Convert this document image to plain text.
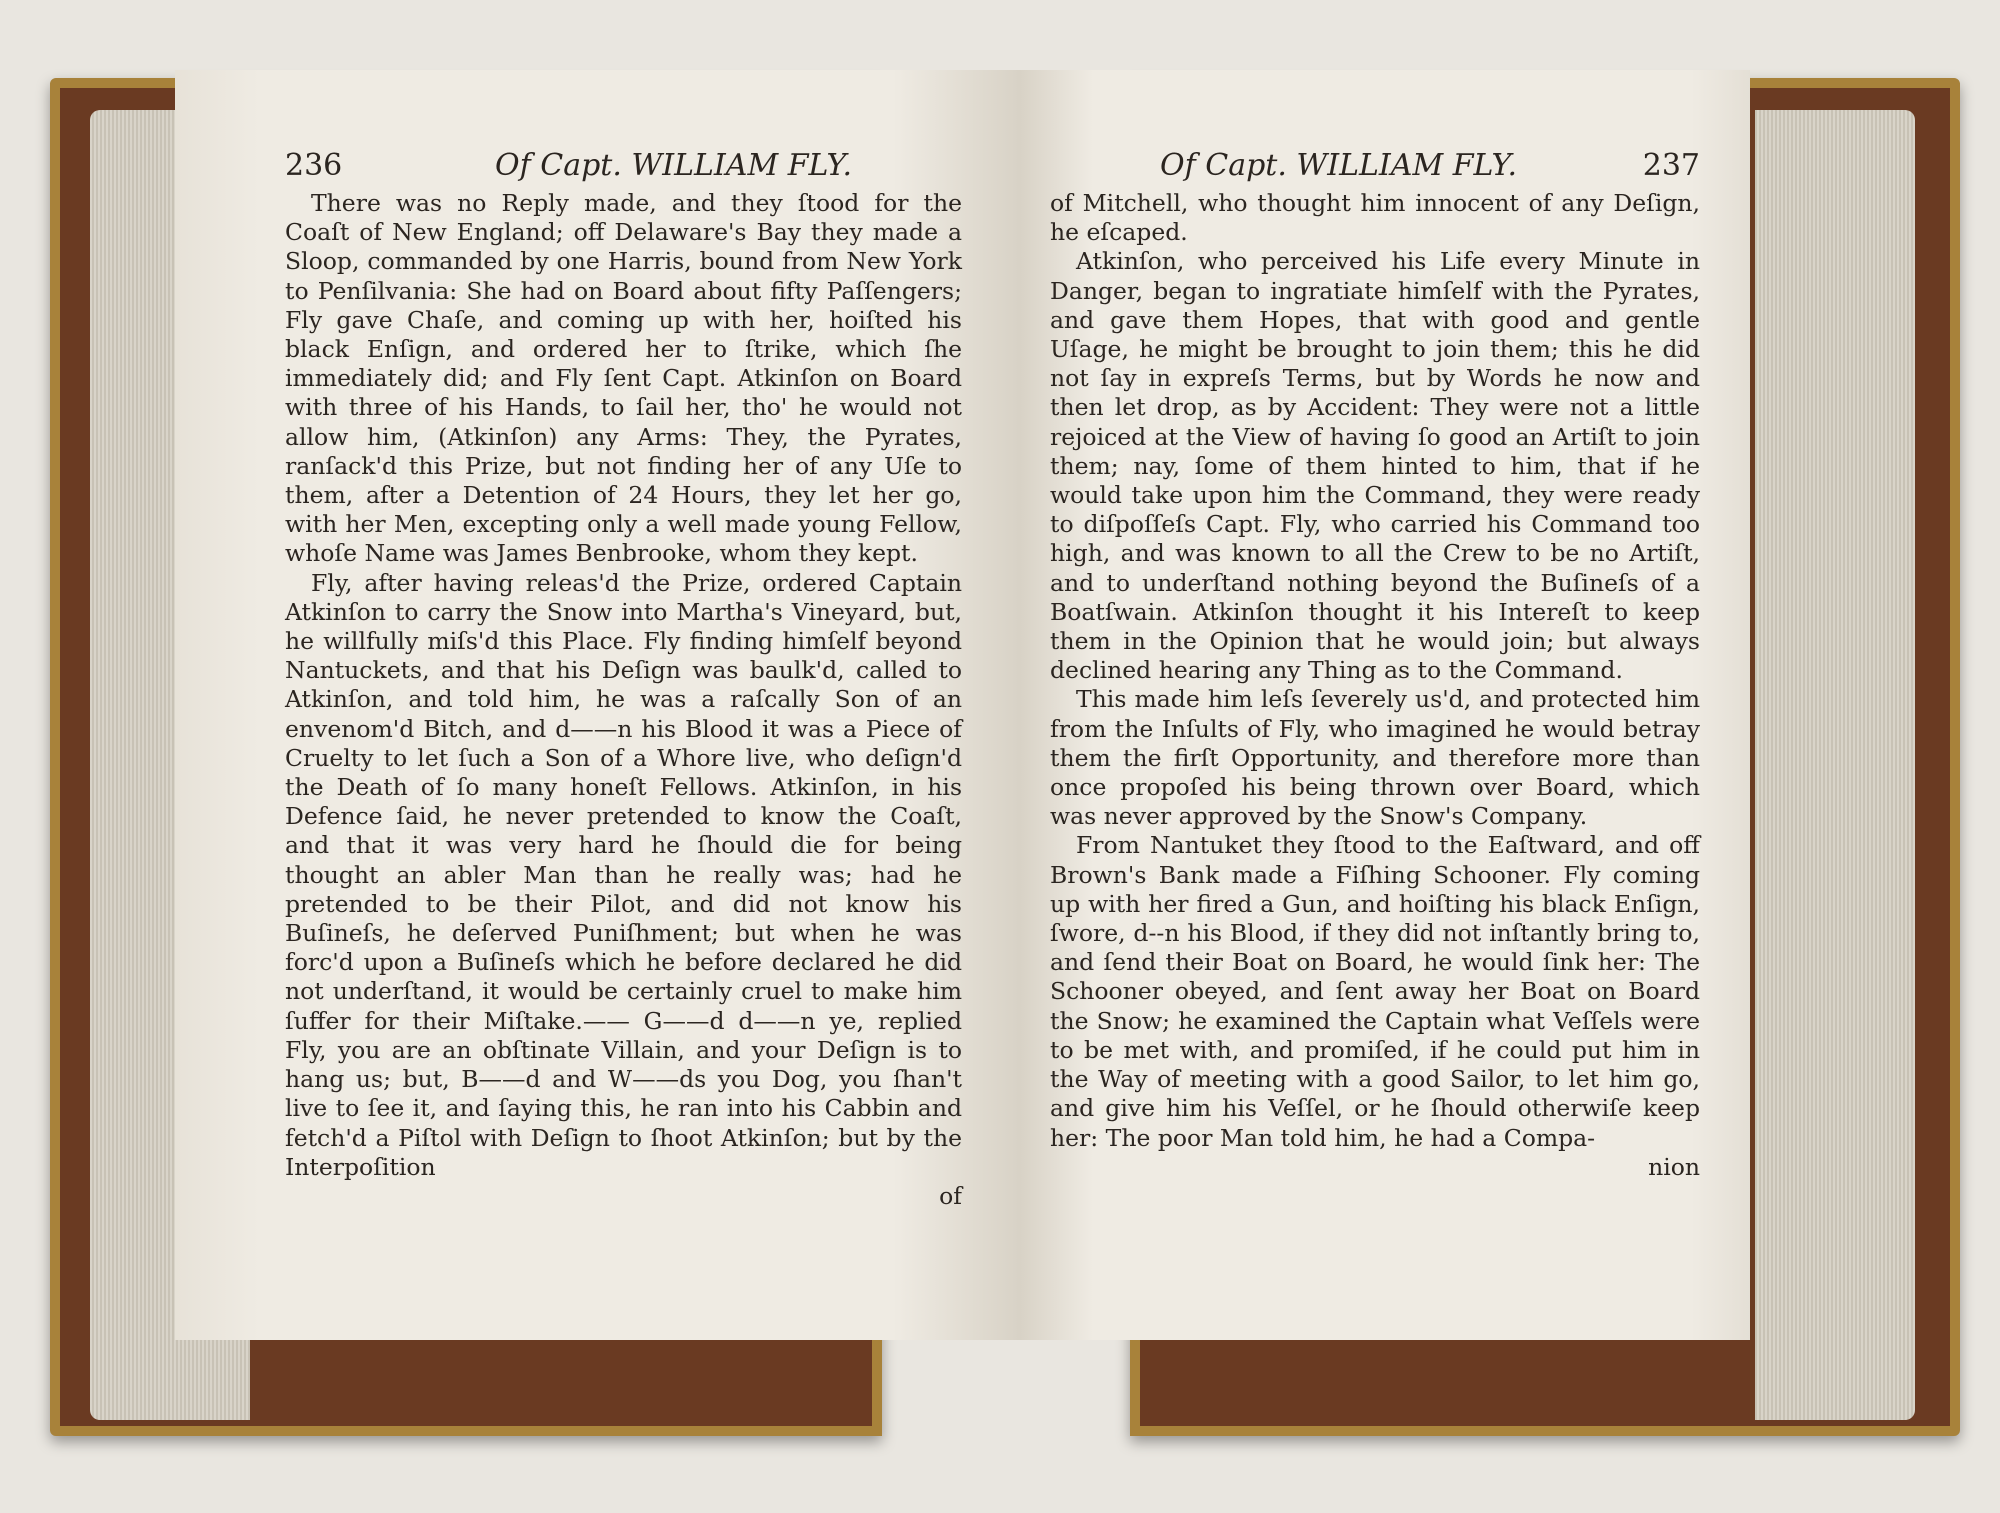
236	Of Capt. WILLIAM FLY.

There was no Reply made, and they ſtood for the Coaſt of New England; off Delaware's Bay they made a Sloop, commanded by one Harris, bound from New York to Penſilvania: She had on Board about fifty Paſſengers; Fly gave Chaſe, and coming up with her, hoiſted his black Enſign, and ordered her to ſtrike, which ſhe immediately did; and Fly ſent Capt. Atkinſon on Board with three of his Hands, to ſail her, tho' he would not allow him, (Atkinſon) any Arms: They, the Pyrates, ranſack'd this Prize, but not finding her of any Uſe to them, after a Detention of 24 Hours, they let her go, with her Men, excepting only a well made young Fellow, whoſe Name was James Benbrooke, whom they kept.

Fly, after having releas'd the Prize, ordered Captain Atkinſon to carry the Snow into Martha's Vineyard, but, he willfully miſs'd this Place. Fly finding himſelf beyond Nantuckets, and that his Deſign was baulk'd, called to Atkinſon, and told him, he was a raſcally Son of an envenom'd Bitch, and d——n his Blood it was a Piece of Cruelty to let ſuch a Son of a Whore live, who deſign'd the Death of ſo many honeſt Fellows. Atkinſon, in his Defence ſaid, he never pretended to know the Coaſt, and that it was very hard he ſhould die for being thought an abler Man than he really was; had he pretended to be their Pilot, and did not know his Buſineſs, he deſerved Puniſhment; but when he was forc'd upon a Buſineſs which he before declared he did not underſtand, it would be certainly cruel to make him ſuffer for their Miſtake.—— G——d d——n ye, replied Fly, you are an obſtinate Villain, and your Deſign is to hang us; but, B——d and W——ds you Dog, you ſhan't live to ſee it, and ſaying this, he ran into his Cabbin and fetch'd a Piſtol with Deſign to ſhoot Atkinſon; but by the Interpoſition

of
Of Capt. WILLIAM FLY.	237

of Mitchell, who thought him innocent of any Deſign, he eſcaped.

Atkinſon, who perceived his Life every Minute in Danger, began to ingratiate himſelf with the Pyrates, and gave them Hopes, that with good and gentle Uſage, he might be brought to join them; this he did not ſay in expreſs Terms, but by Words he now and then let drop, as by Accident: They were not a little rejoiced at the View of having ſo good an Artiſt to join them; nay, ſome of them hinted to him, that if he would take upon him the Command, they were ready to diſpoſſeſs Capt. Fly, who carried his Command too high, and was known to all the Crew to be no Artiſt, and to underſtand nothing beyond the Buſineſs of a Boatſwain. Atkinſon thought it his Intereſt to keep them in the Opinion that he would join; but always declined hearing any Thing as to the Command.

This made him leſs ſeverely us'd, and protected him from the Inſults of Fly, who imagined he would betray them the firſt Opportunity, and therefore more than once propoſed his being thrown over Board, which was never approved by the Snow's Company.

From Nantuket they ſtood to the Eaſtward, and off Brown's Bank made a Fiſhing Schooner. Fly coming up with her fired a Gun, and hoiſting his black Enſign, ſwore, d--n his Blood, if they did not inſtantly bring to, and ſend their Boat on Board, he would ſink her: The Schooner obeyed, and ſent away her Boat on Board the Snow; he examined the Captain what Veſſels were to be met with, and promiſed, if he could put him in the Way of meeting with a good Sailor, to let him go, and give him his Veſſel, or he ſhould otherwiſe keep her: The poor Man told him, he had a Compa-

nion
